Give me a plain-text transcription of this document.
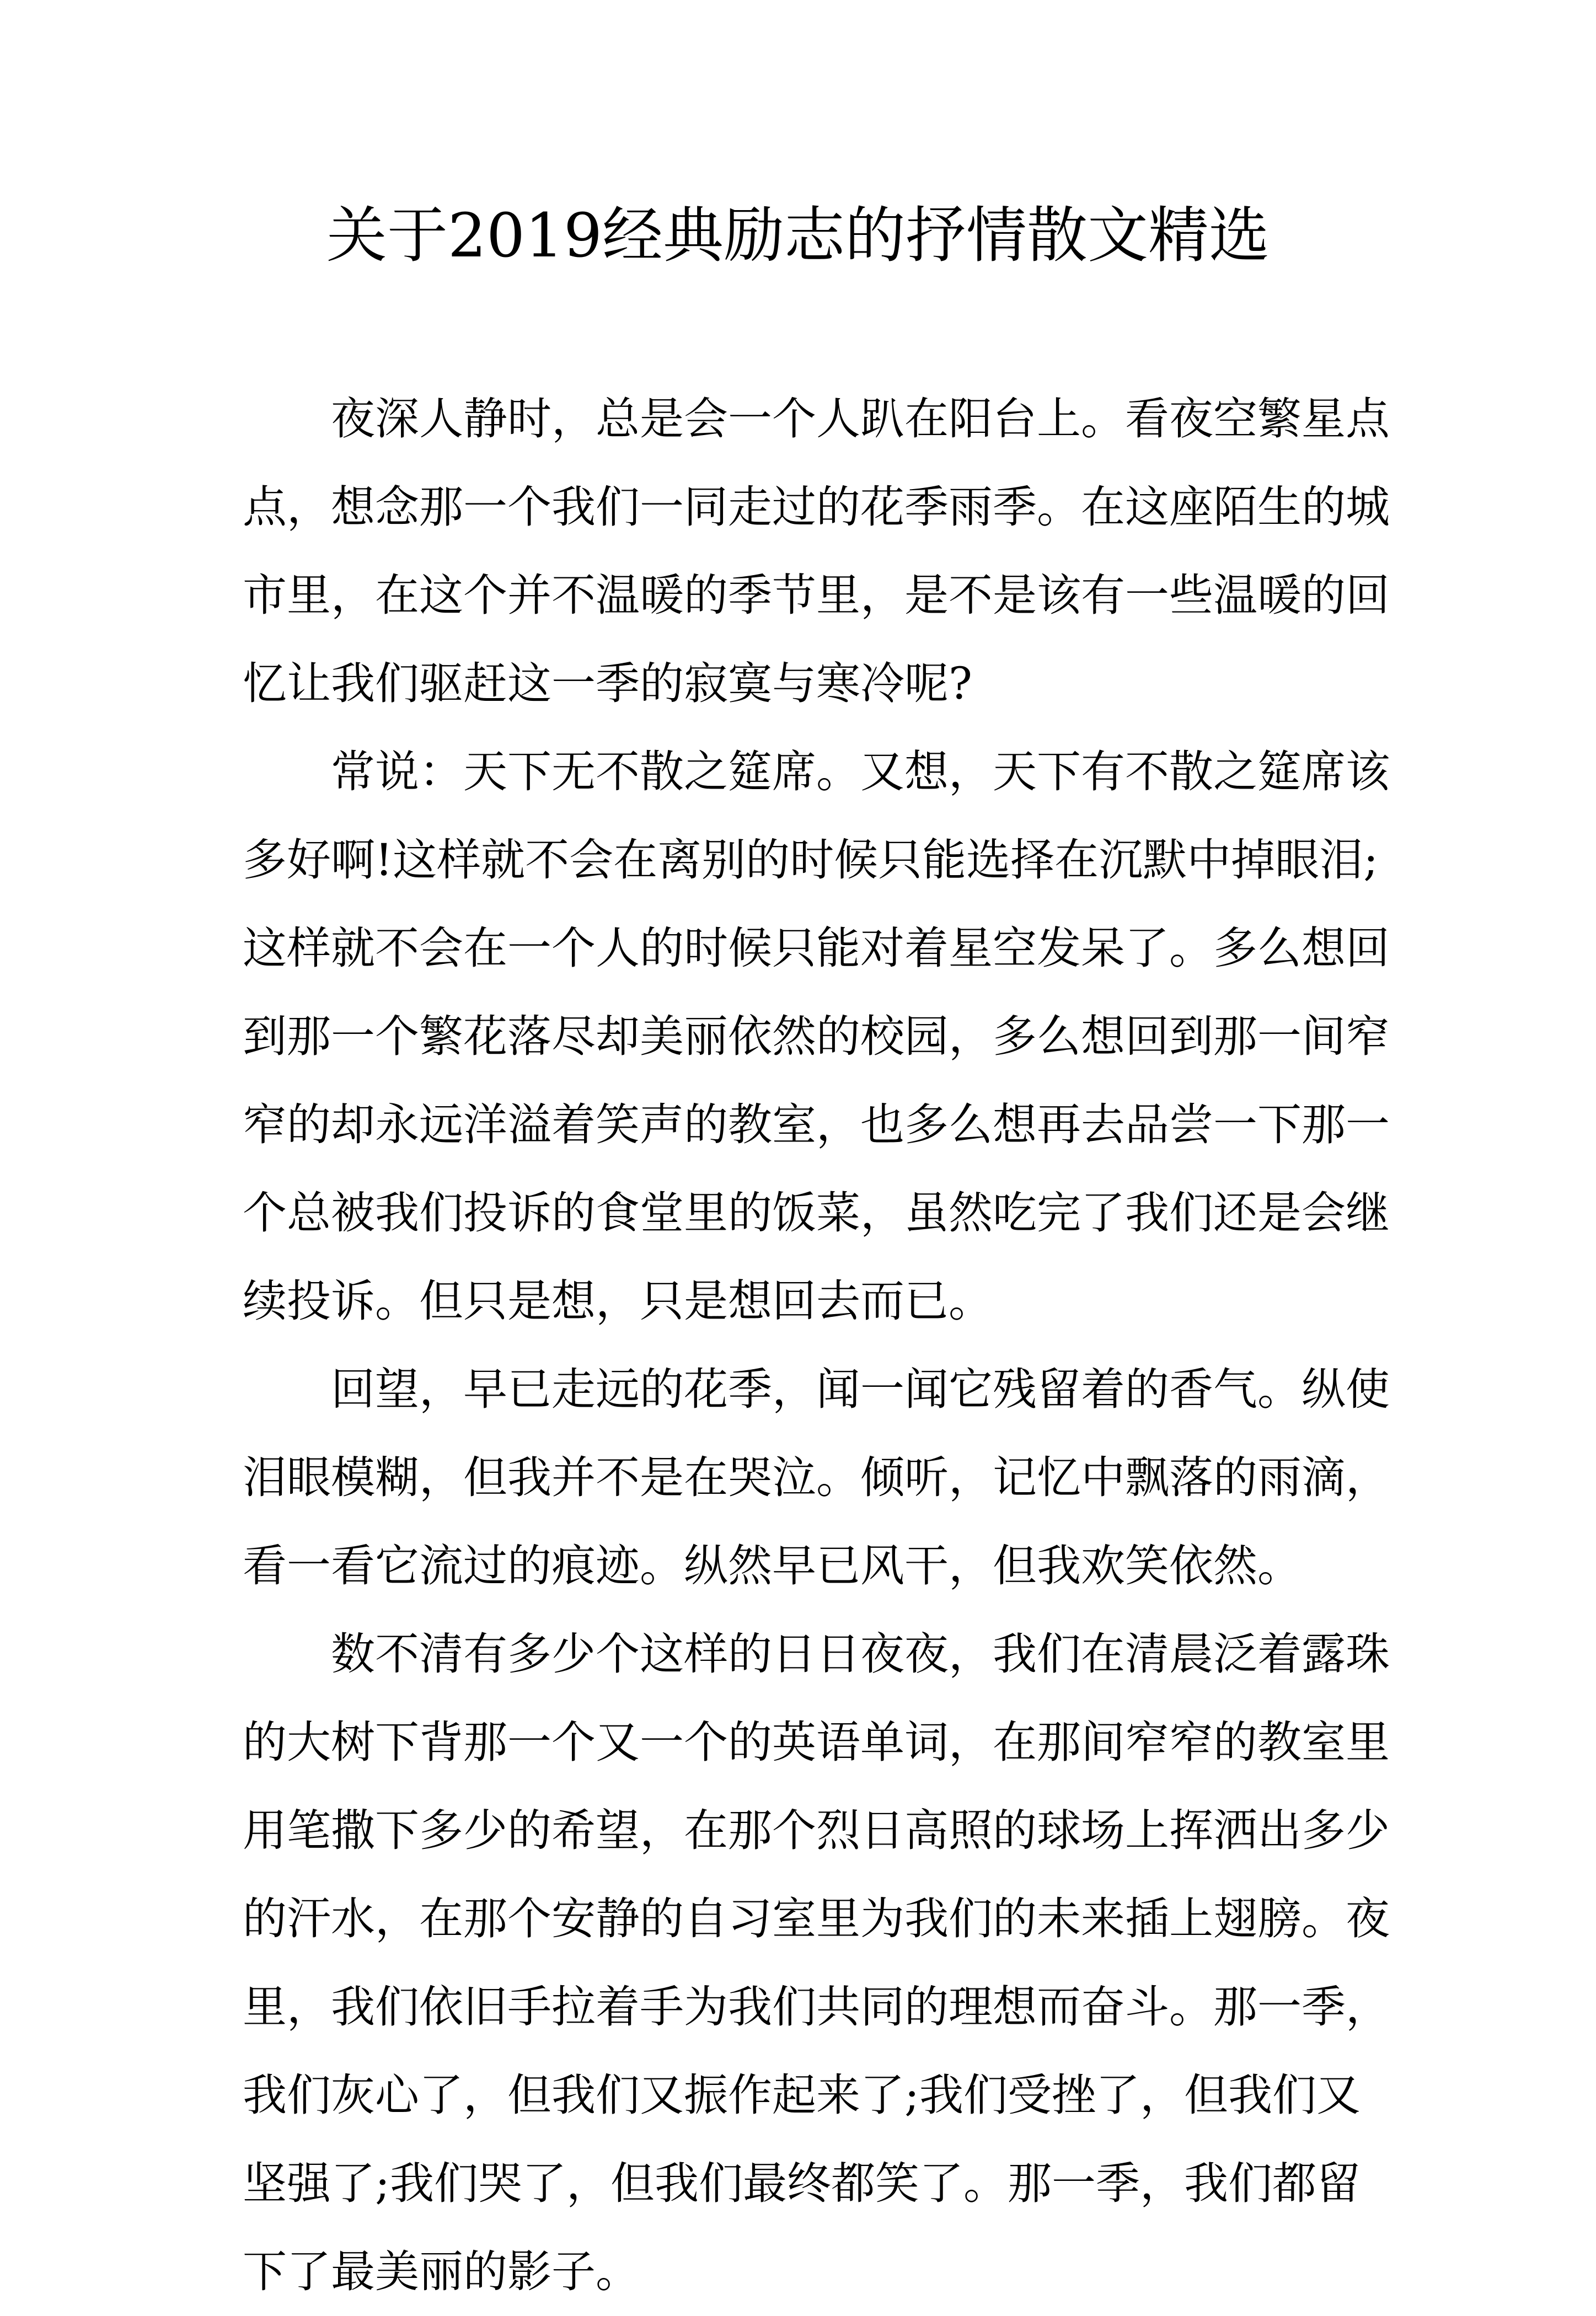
关于2019经典励志的抒情散文精选

夜深人静时，总是会一个人趴在阳台上。看夜空繁星点
点，想念那一个我们一同走过的花季雨季。在这座陌生的城
市里，在这个并不温暖的季节里，是不是该有一些温暖的回
忆让我们驱赶这一季的寂寞与寒冷呢?

常说：天下无不散之筵席。又想，天下有不散之筵席该
多好啊!这样就不会在离别的时候只能选择在沉默中掉眼泪;
这样就不会在一个人的时候只能对着星空发呆了。多么想回
到那一个繁花落尽却美丽依然的校园，多么想回到那一间窄
窄的却永远洋溢着笑声的教室，也多么想再去品尝一下那一
个总被我们投诉的食堂里的饭菜，虽然吃完了我们还是会继
续投诉。但只是想，只是想回去而已。

回望，早已走远的花季，闻一闻它残留着的香气。纵使
泪眼模糊，但我并不是在哭泣。倾听，记忆中飘落的雨滴，
看一看它流过的痕迹。纵然早已风干，但我欢笑依然。

数不清有多少个这样的日日夜夜，我们在清晨泛着露珠
的大树下背那一个又一个的英语单词，在那间窄窄的教室里
用笔撒下多少的希望，在那个烈日高照的球场上挥洒出多少
的汗水，在那个安静的自习室里为我们的未来插上翅膀。夜
里，我们依旧手拉着手为我们共同的理想而奋斗。那一季，
我们灰心了，但我们又振作起来了;我们受挫了，但我们又
坚强了;我们哭了，但我们最终都笑了。那一季，我们都留
下了最美丽的影子。
